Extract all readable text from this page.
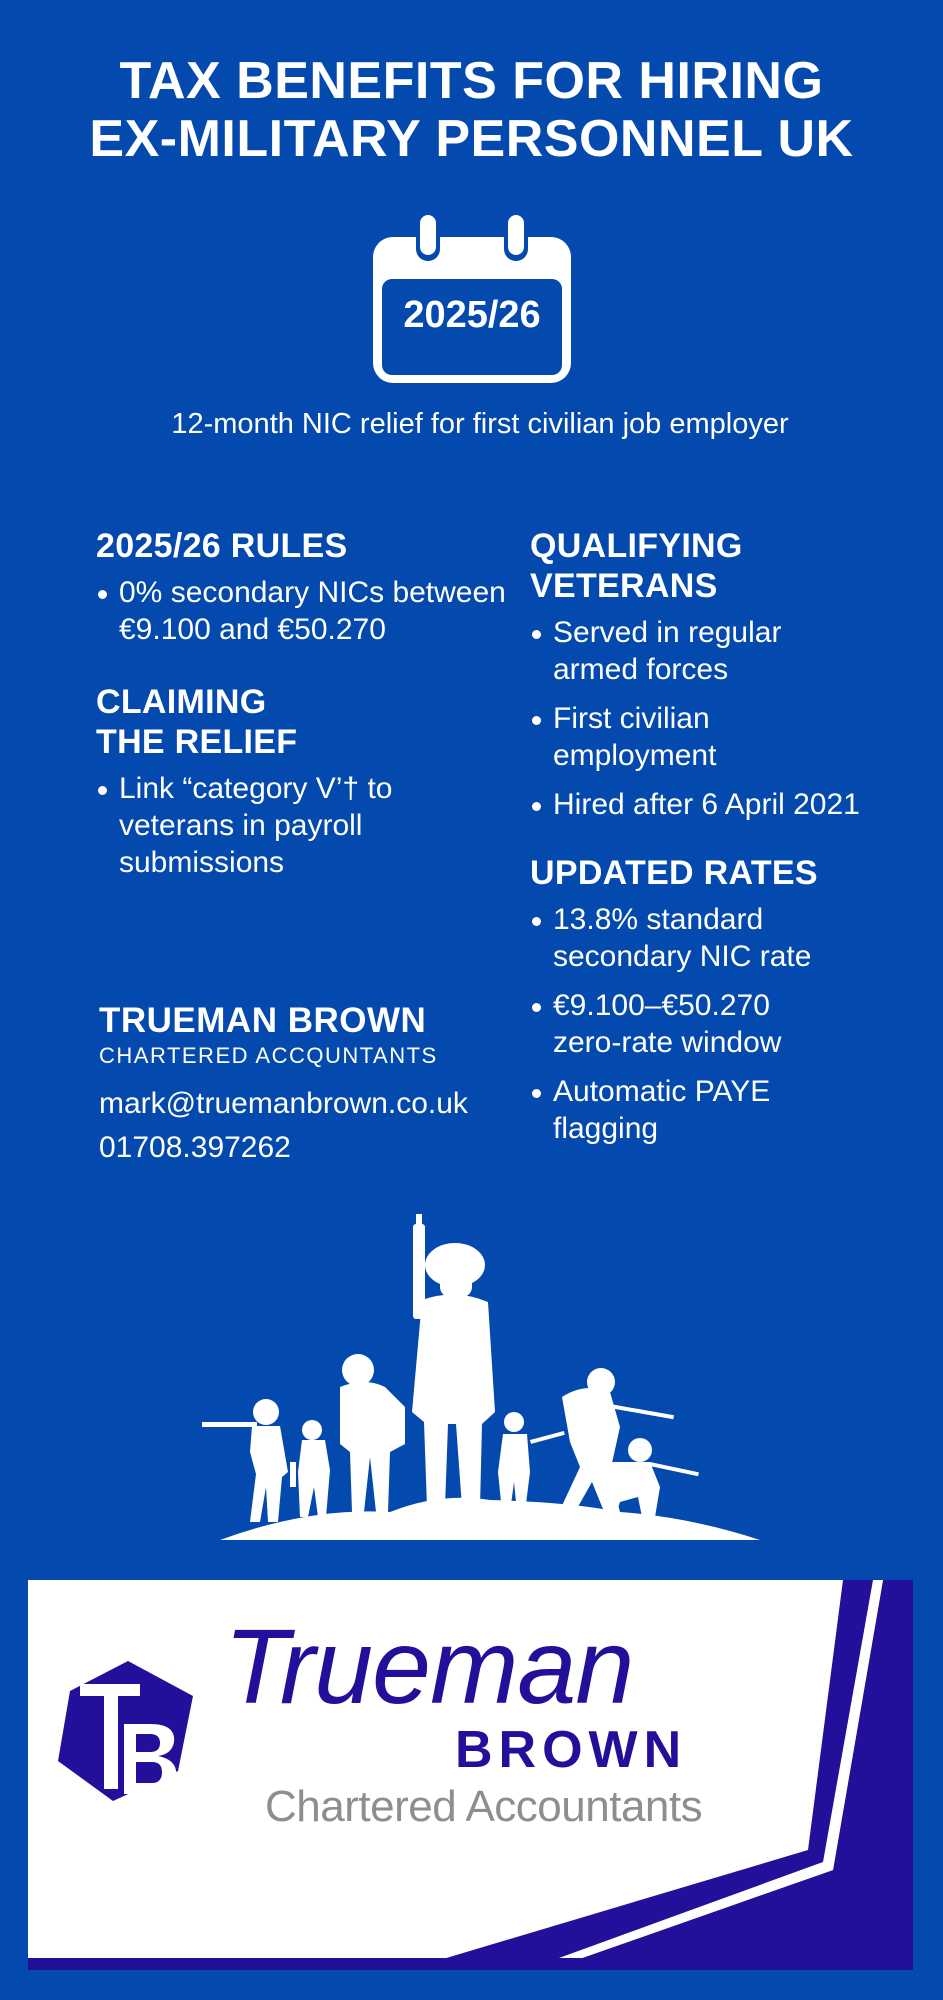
TAX BENEFITS FOR HIRING
EX-MILITARY PERSONNEL UK
2025/26
12-month NIC relief for first civilian job employer
2025/26 RULES
0% secondary NICs between €9.100 and €50.270
CLAIMING THE RELIEF
Link “category V’† to veterans in payroll submissions
QUALIFYING VETERANS
Served in regular armed forces
First civilian employment
Hired after 6 April 2021
UPDATED RATES
13.8% standard secondary NIC rate
€9.100–€50.270 zero-rate window
Automatic PAYE flagging
TRUEMAN BROWN
CHARTERED ACCQUNTANTS
mark@truemanbrown.co.uk
01708.397262
Trueman
BROWN
Chartered Accountants
